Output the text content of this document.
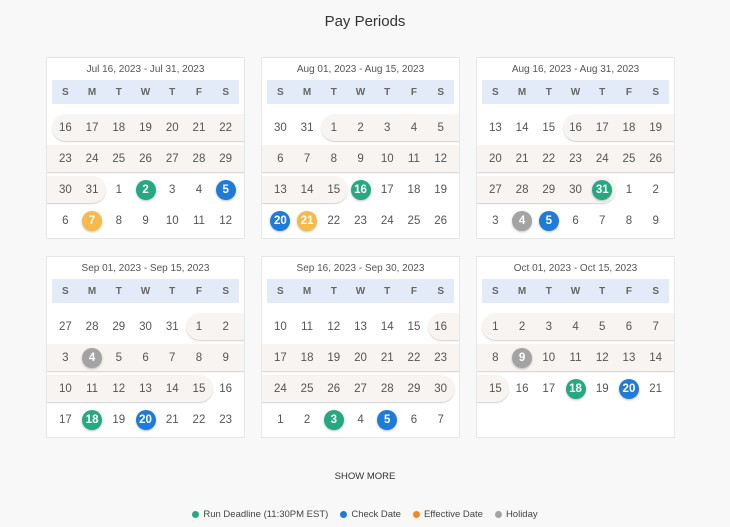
Pay Periods
Jul 16, 2023 - Jul 31, 2023
S	M	T	W	T	F	S
16	17	18	19	20	21	22
23	24	25	26	27	28	29
30	31	1	2	3	4	5
6	7	8	9	10	11	12
Aug 01, 2023 - Aug 15, 2023
S	M	T	W	T	F	S
30	31	1	2	3	4	5
6	7	8	9	10	11	12
13	14	15	16	17	18	19
20	21	22	23	24	25	26
Aug 16, 2023 - Aug 31, 2023
S	M	T	W	T	F	S
13	14	15	16	17	18	19
20	21	22	23	24	25	26
27	28	29	30	31	1	2
3	4	5	6	7	8	9
Sep 01, 2023 - Sep 15, 2023
S	M	T	W	T	F	S
27	28	29	30	31	1	2
3	4	5	6	7	8	9
10	11	12	13	14	15	16
17	18	19	20	21	22	23
Sep 16, 2023 - Sep 30, 2023
S	M	T	W	T	F	S
10	11	12	13	14	15	16
17	18	19	20	21	22	23
24	25	26	27	28	29	30
1	2	3	4	5	6	7
Oct 01, 2023 - Oct 15, 2023
S	M	T	W	T	F	S
1	2	3	4	5	6	7
8	9	10	11	12	13	14
15	16	17	18	19	20	21
SHOW MORE
Run Deadline (11:30PM EST) Check Date Effective Date Holiday
